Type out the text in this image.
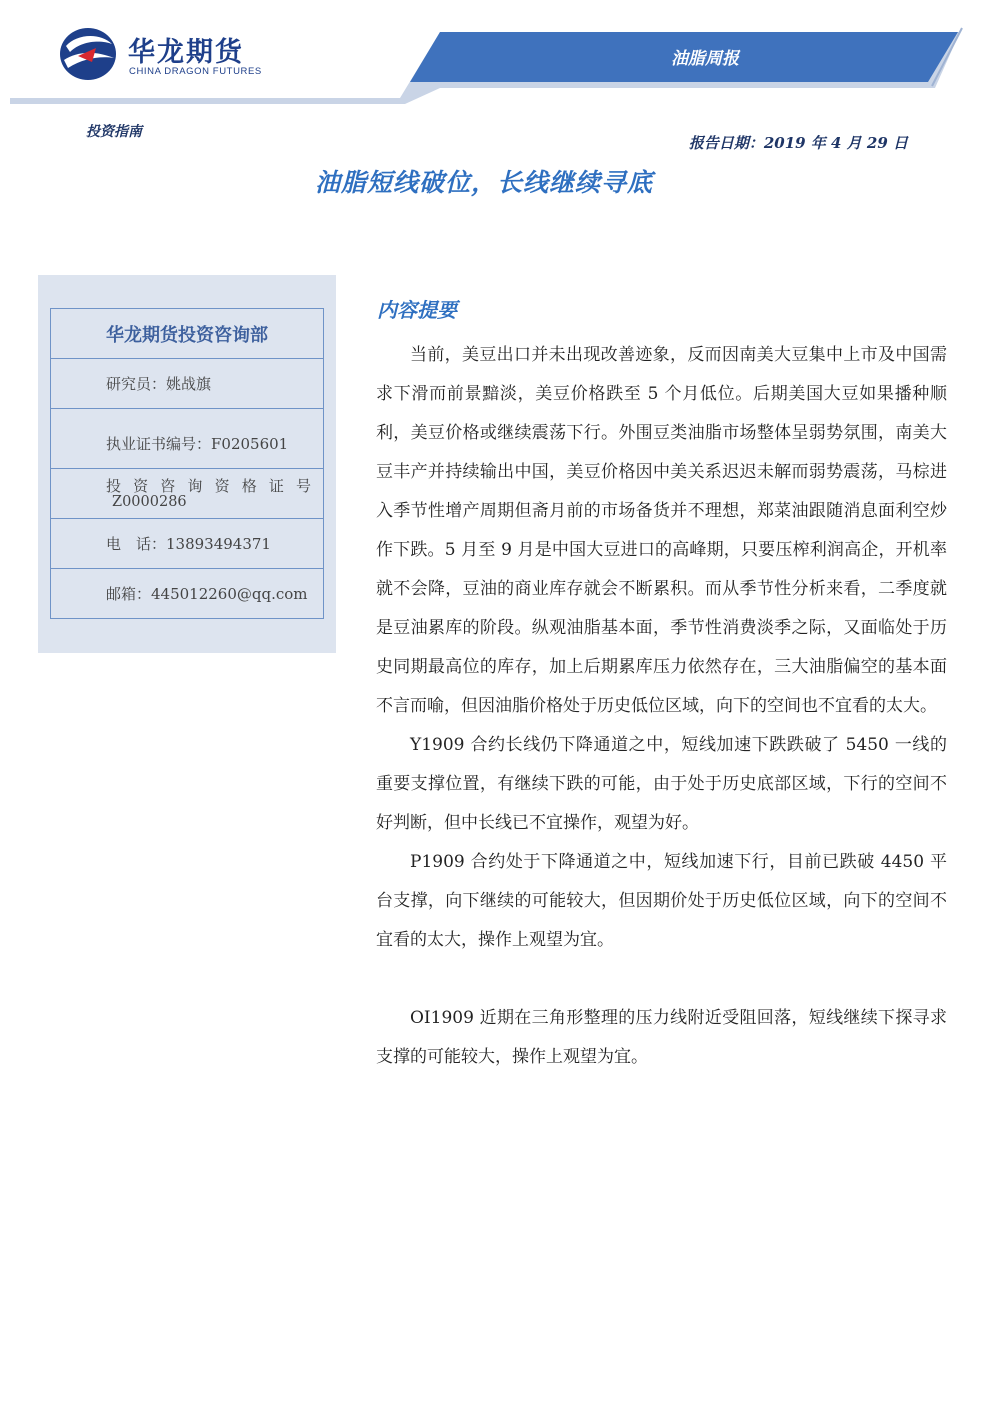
华龙期货
CHINA DRAGON FUTURES
油脂周报
投资指南
报告日期：2019 年 4 月 29 日
油脂短线破位，长线继续寻底
华龙期货投资咨询部
研究员：姚战旗
执业证书编号：F0205601

投 资 咨 询 资 格 证 号
Z0000286

电　话：13893494371
邮箱：445012260@qq.com
内容提要

当前，美豆出口并未出现改善迹象，反而因南美大豆集中上市及中国需求下滑而前景黯淡，美豆价格跌至 5 个月低位。后期美国大豆如果播种顺利，美豆价格或继续震荡下行。外围豆类油脂市场整体呈弱势氛围，南美大豆丰产并持续输出中国，美豆价格因中美关系迟迟未解而弱势震荡，马棕进入季节性增产周期但斋月前的市场备货并不理想，郑菜油跟随消息面利空炒作下跌。5 月至 9 月是中国大豆进口的高峰期，只要压榨利润高企，开机率就不会降，豆油的商业库存就会不断累积。而从季节性分析来看，二季度就是豆油累库的阶段。纵观油脂基本面，季节性消费淡季之际，又面临处于历史同期最高位的库存，加上后期累库压力依然存在，三大油脂偏空的基本面不言而喻，但因油脂价格处于历史低位区域，向下的空间也不宜看的太大。

Y1909 合约长线仍下降通道之中，短线加速下跌跌破了 5450 一线的重要支撑位置，有继续下跌的可能，由于处于历史底部区域，下行的空间不好判断，但中长线已不宜操作，观望为好。

P1909 合约处于下降通道之中，短线加速下行，目前已跌破 4450 平台支撑，向下继续的可能较大，但因期价处于历史低位区域，向下的空间不宜看的太大，操作上观望为宜。

OI1909 近期在三角形整理的压力线附近受阻回落，短线继续下探寻求支撑的可能较大，操作上观望为宜。
